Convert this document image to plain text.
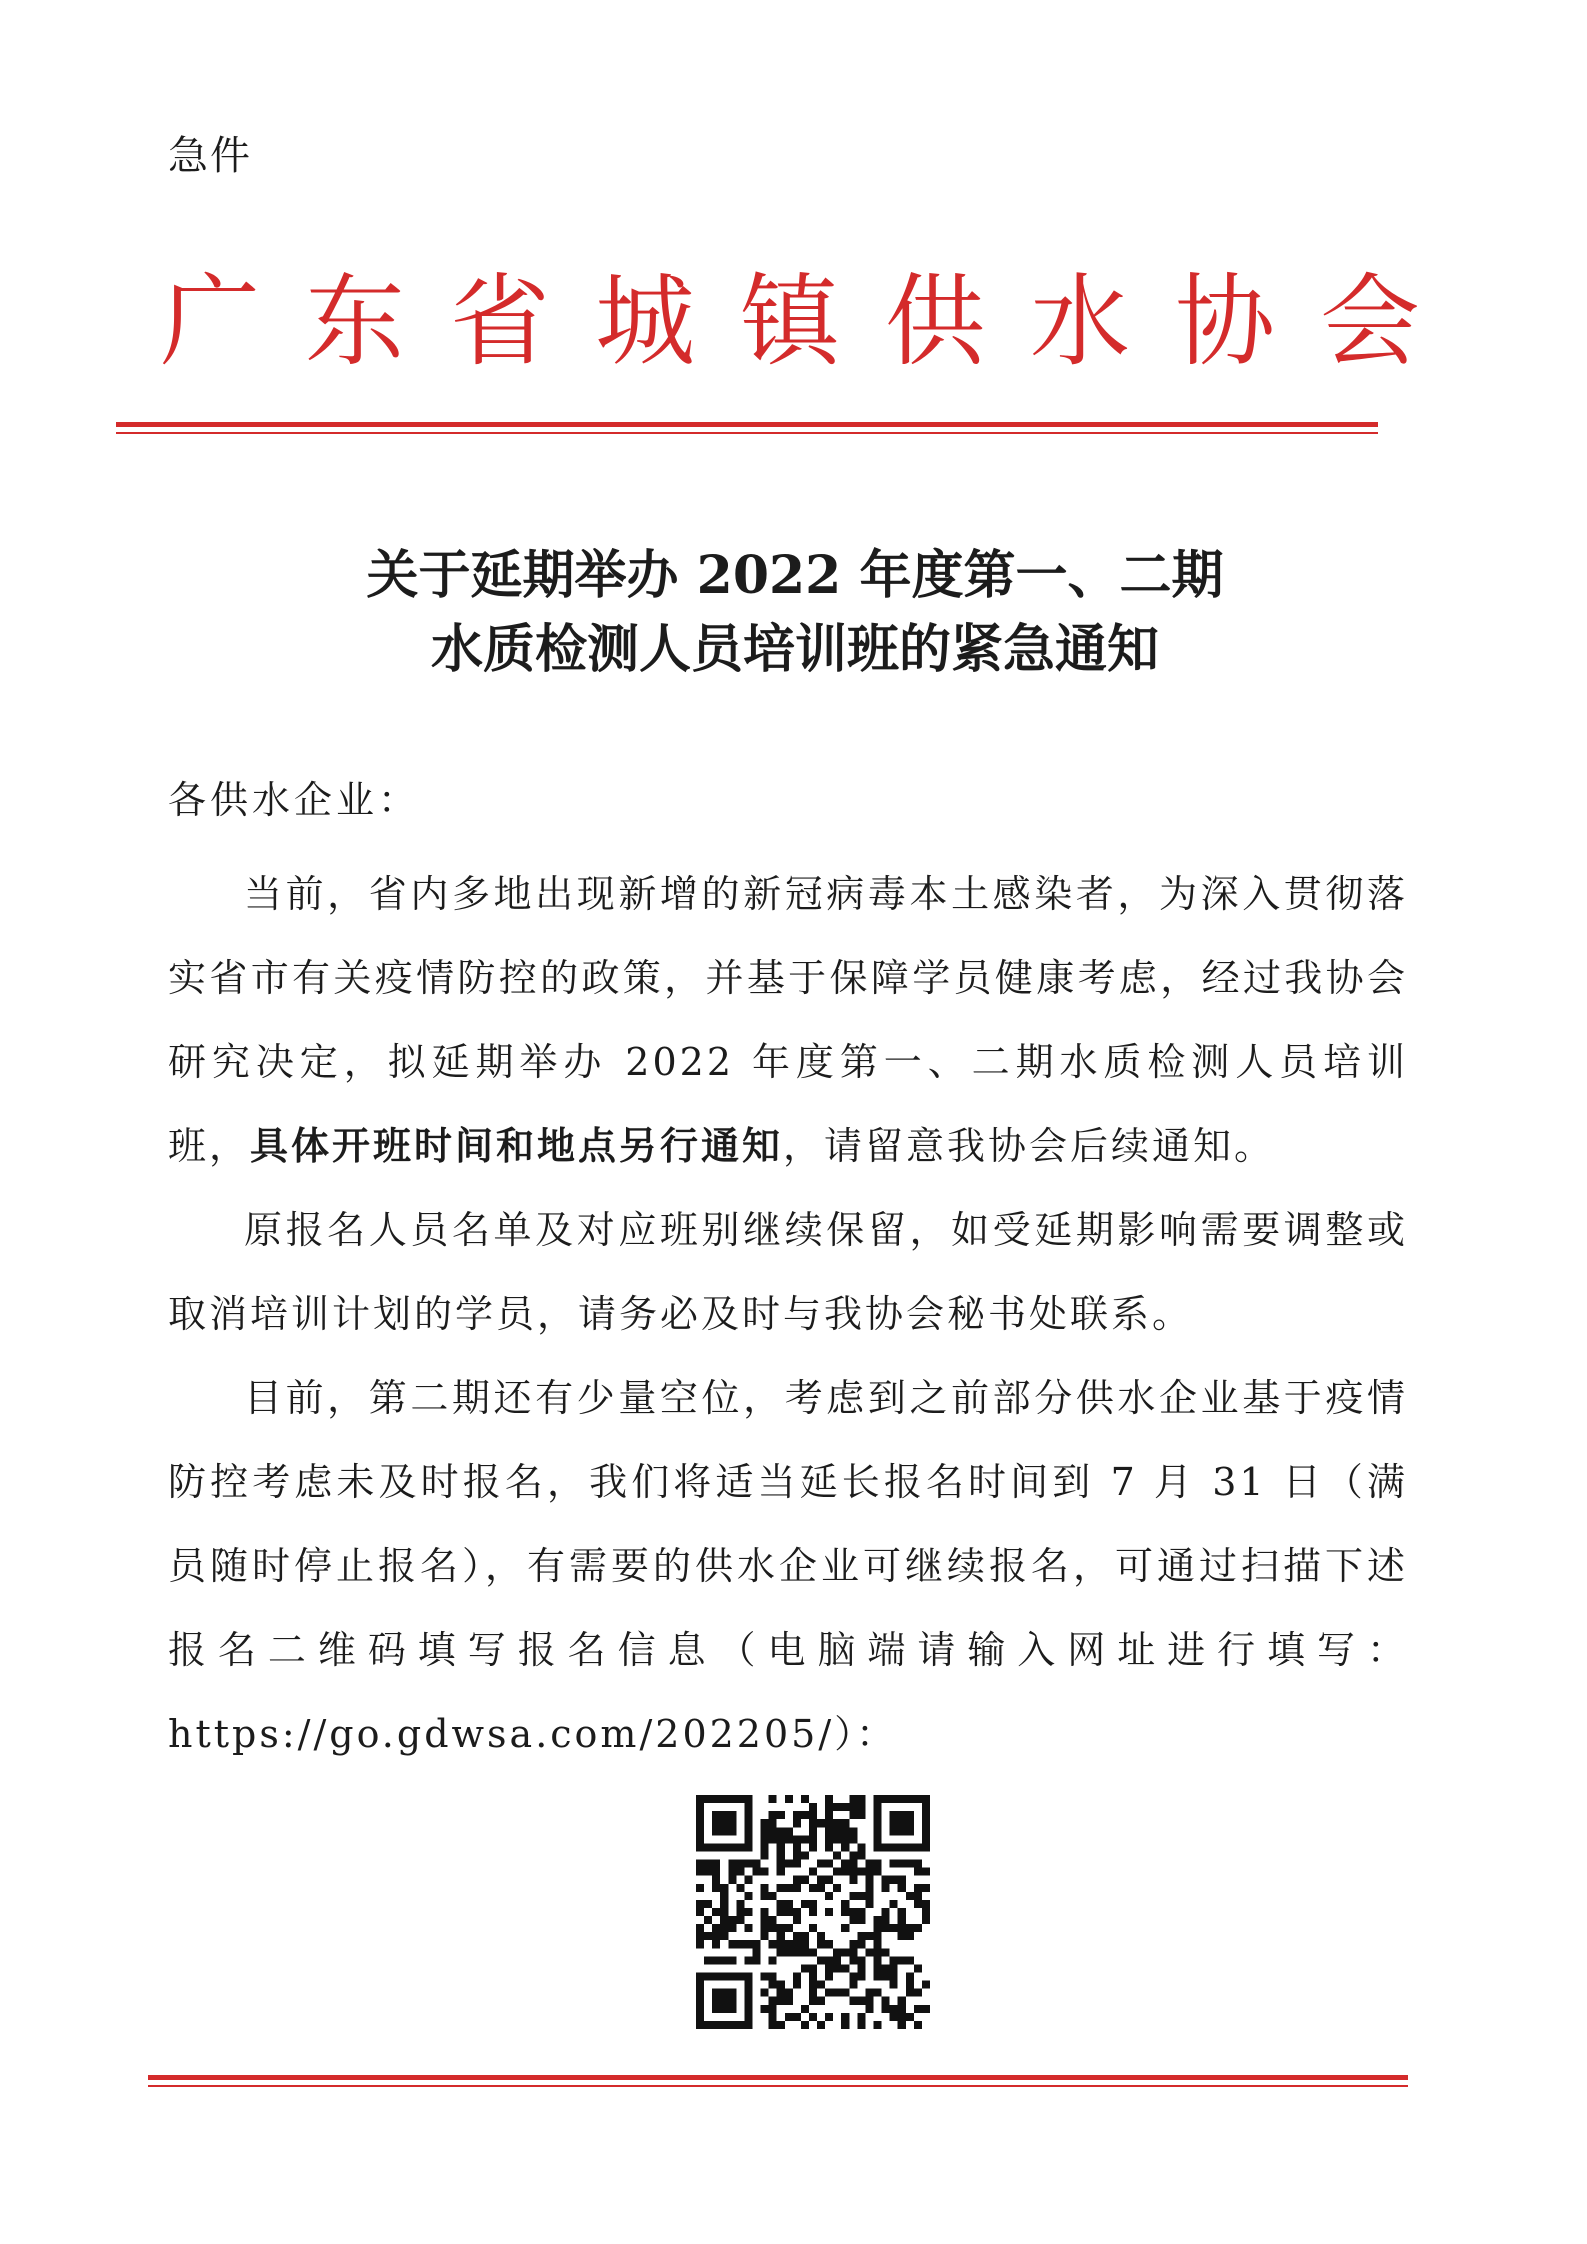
急件
广东省城镇供水协会
关于延期举办 2022 年度第一、二期
水质检测人员培训班的紧急通知
各供水企业：

当前，省内多地出现新增的新冠病毒本土感染者，为深入贯彻落实省市有关疫情防控的政策，并基于保障学员健康考虑，经过我协会研究决定，拟延期举办 2022 年度第一、二期水质检测人员培训班，具体开班时间和地点另行通知，请留意我协会后续通知。

原报名人员名单及对应班别继续保留，如受延期影响需要调整或取消培训计划的学员，请务必及时与我协会秘书处联系。

目前，第二期还有少量空位，考虑到之前部分供水企业基于疫情防控考虑未及时报名，我们将适当延长报名时间到 7 月 31 日（满员随时停止报名），有需要的供水企业可继续报名，可通过扫描下述报名二维码填写报名信息（电脑端请输入网址进行填写：https://go.gdwsa.com/202205/）：
